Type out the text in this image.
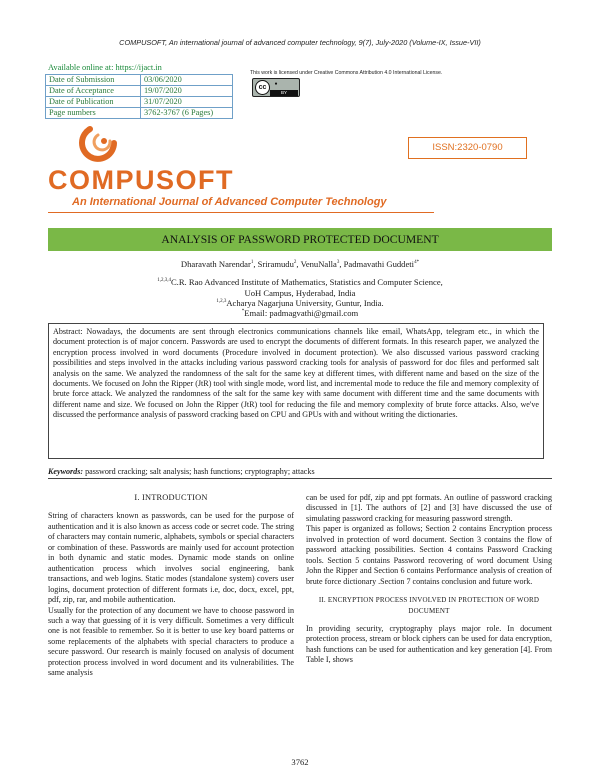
COMPUSOFT, An international journal of advanced computer technology, 9(7), July-2020 (Volume-IX, Issue-VII)
Available online at: https://ijact.in
Date of Submission	03/06/2020
Date of Acceptance	19/07/2020
Date of Publication	31/07/2020
Page numbers	3762-3767 (6 Pages)
This work is licensed under Creative Commons Attribution 4.0 International License.
cc	●
BY
ISSN:2320-0790
COMPUSOFT
An International Journal of Advanced Computer Technology
ANALYSIS OF PASSWORD PROTECTED DOCUMENT
Dharavath Narendar$^1$, Sriramudu$^2$, VenuNalla$^3$, Padmavathi Guddeti$^{4*}$
$^{1,2,3,4}$C.R. Rao Advanced Institute of Mathematics, Statistics and Computer Science,
UoH Campus, Hyderabad, India
$^{1,2,3}$Acharya Nagarjuna University, Guntur, India.
*Email: padmagvathi@gmail.com
Abstract: Nowadays, the documents are sent through electronics communications channels like email, WhatsApp, telegram etc., in which the document protection is of major concern. Passwords are used to encrypt the documents of different formats. In this research paper, we analyzed the encryption process involved in word documents (Procedure involved in document protection). We also discussed various password cracking possibilities and steps involved in the attacks including various password cracking tools for analysis of password for doc files and performed salt analysis on the same. We analyzed the randomness of the salt for the same key at different times, with different name and based on the size of the documents. We focused on John the Ripper (JtR) tool with single mode, word list, and incremental mode to reduce the file and memory complexity of brute force attack. We analyzed the randomness of the salt for the same key with same document with different time and the same documents with different name and size. We focused on John the Ripper (JtR) tool for reducing the file and memory complexity of brute force attacks. Also, we've discussed the performance analysis of password cracking based on CPU and GPUs with and without writing the dictionaries.
Keywords: password cracking; salt analysis; hash functions; cryptography; attacks
I. INTRODUCTION

String of characters known as passwords, can be used for the purpose of authentication and it is also known as access code or secret code. The string of characters may contain numeric, alphabets, symbols or special characters or combination of these. Passwords are mainly used for account protection in both dynamic and static modes. Dynamic mode stands on online authentication process which involves social engineering, bank transactions, and web logins. Static modes (standalone system) covers user logins, document protection of different formats i.e, doc, docx, excel, ppt, pdf, zip, rar, and mobile authentication.

Usually for the protection of any document we have to choose password in such a way that guessing of it is very difficult. Sometimes a very difficult one is not feasible to remember. So it is better to use key board patterns or some replacements of the alphabets with special characters to produce a secure password. Our research is mainly focused on analysis of document protection process involved in word document and its vulnerabilities. The same analysis

can be used for pdf, zip and ppt formats. An outline of password cracking discussed in [1]. The authors of [2] and [3] have discussed the use of simulating password cracking for measuring password strength.

This paper is organized as follows; Section 2 contains Encryption process involved in protection of word document. Section 3 contains the flow of password attacking possibilities. Section 4 contains Password Cracking tools. Section 5 contains Password recovering of word document Using John the Ripper and Section 6 contains Performance analysis of creation of brute force dictionary .Section 7 contains conclusion and future work.

II. ENCRYPTION PROCESS INVOLVED IN PROTECTION OF WORD DOCUMENT

In providing security, cryptography plays major role. In document protection process, stream or block ciphers can be used for data encryption, hash functions can be used for authentication and key generation [4]. From Table I, shows

3762
